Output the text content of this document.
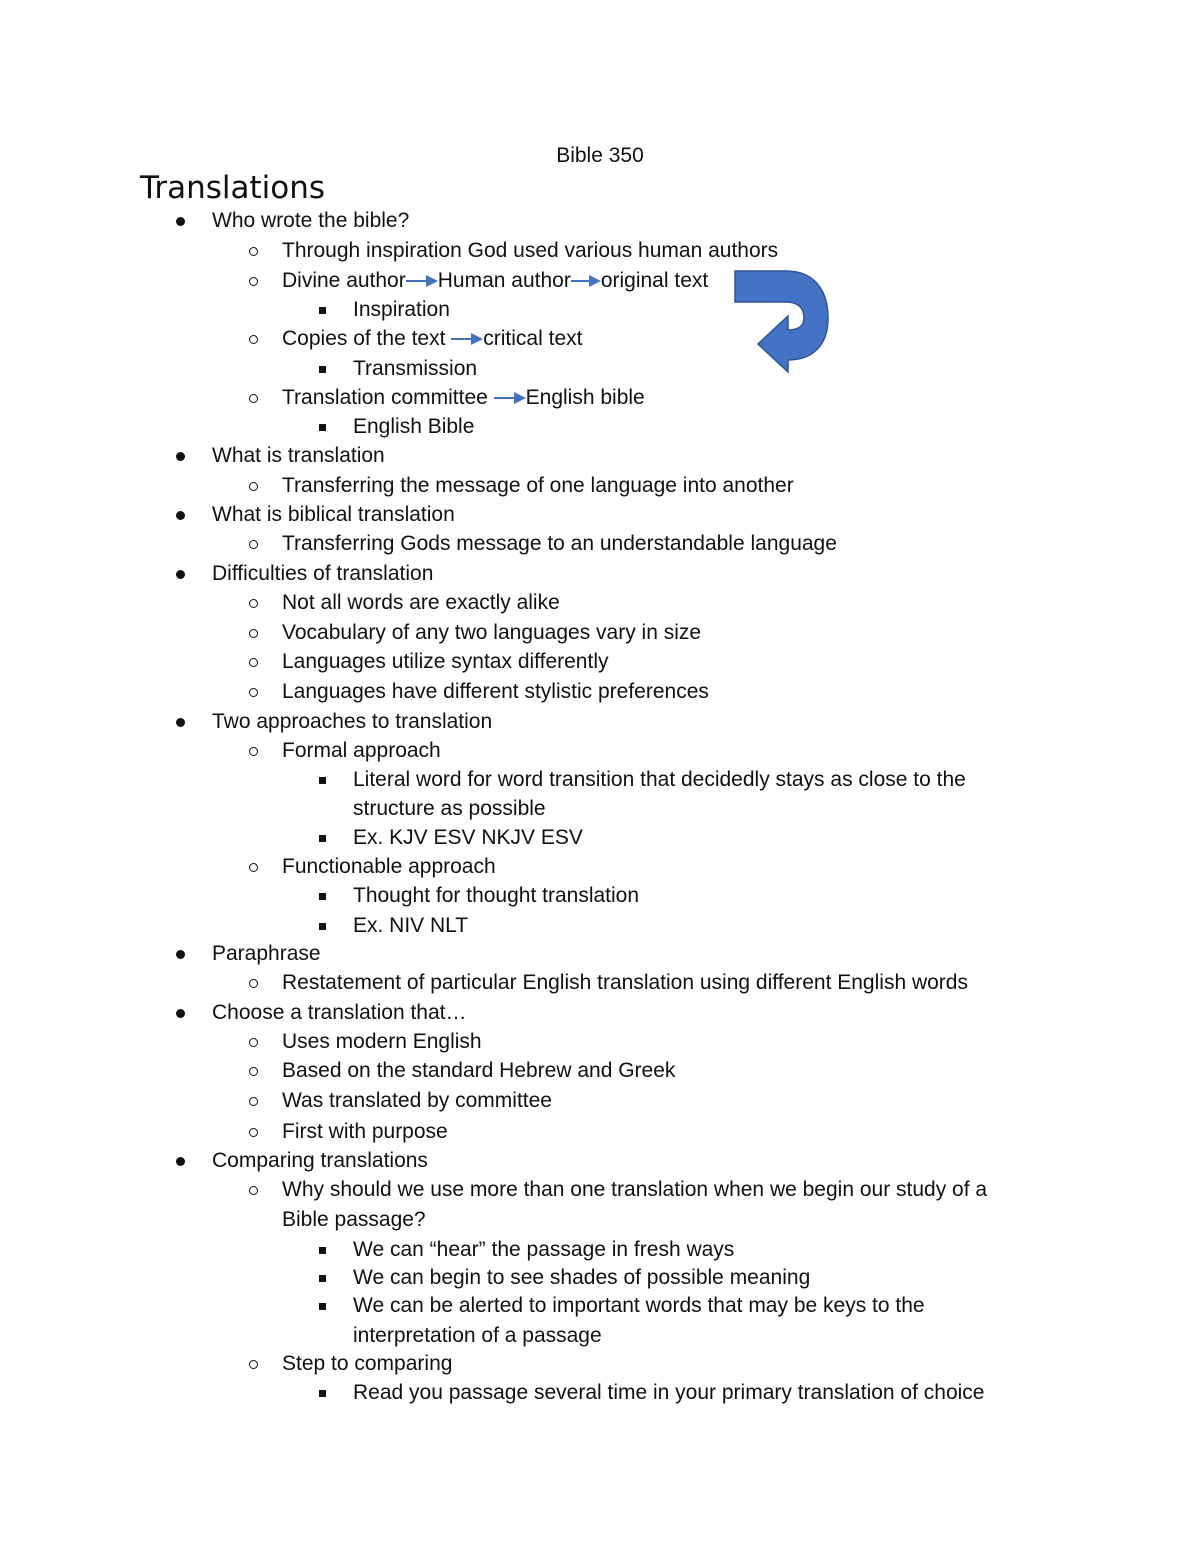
Bible 350
Translations
Who wrote the bible?
Through inspiration God used various human authors
Divine author Human author original text
Inspiration
Copies of the text critical text
Transmission
Translation committee English bible
English Bible
What is translation
Transferring the message of one language into another
What is biblical translation
Transferring Gods message to an understandable language
Difficulties of translation
Not all words are exactly alike
Vocabulary of any two languages vary in size
Languages utilize syntax differently
Languages have different stylistic preferences
Two approaches to translation
Formal approach
Literal word for word transition that decidedly stays as close to the
structure as possible
Ex. KJV ESV NKJV ESV
Functionable approach
Thought for thought translation
Ex. NIV NLT
Paraphrase
Restatement of particular English translation using different English words
Choose a translation that…
Uses modern English
Based on the standard Hebrew and Greek
Was translated by committee
First with purpose
Comparing translations
Why should we use more than one translation when we begin our study of a
Bible passage?
We can “hear” the passage in fresh ways
We can begin to see shades of possible meaning
We can be alerted to important words that may be keys to the
interpretation of a passage
Step to comparing
Read you passage several time in your primary translation of choice
